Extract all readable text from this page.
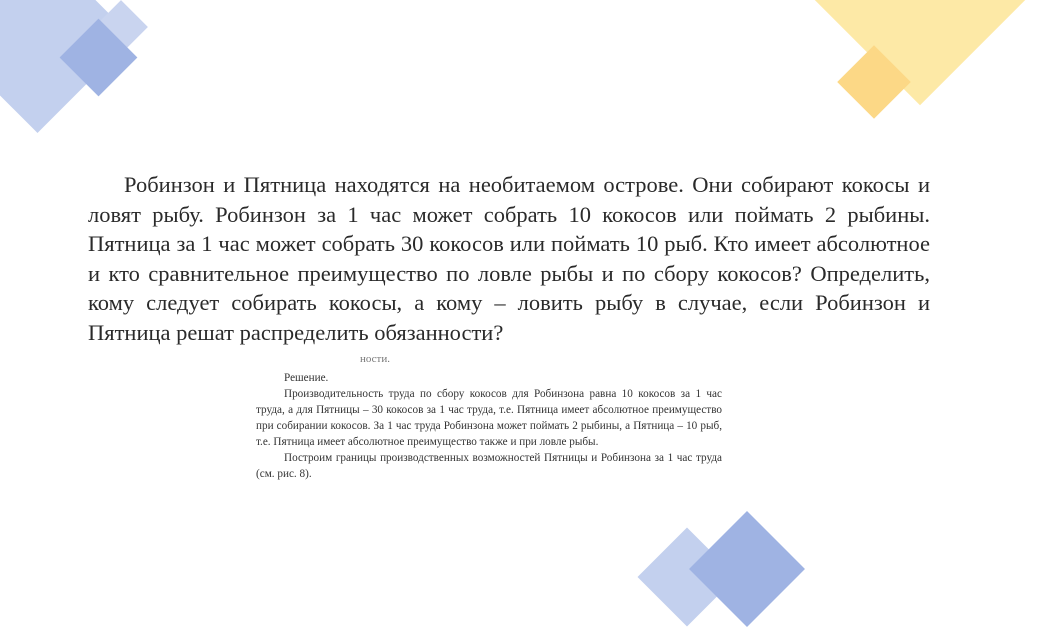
Робинзон и Пятница находятся на необитаемом острове. Они собирают кокосы и ловят рыбу. Робинзон за 1 час может собрать 10 кокосов или поймать 2 рыбины. Пятница за 1 час может собрать 30 кокосов или поймать 10 рыб. Кто имеет абсолютное и кто сравнительное преимущество по ловле рыбы и по сбору кокосов? Определить, кому следует собирать кокосы, а кому – ловить рыбу в случае, если Робинзон и Пятница решат распределить обязанности?

ности.

Решение.

Производительность труда по сбору кокосов для Робинзона равна 10 кокосов за 1 час труда, а для Пятницы – 30 кокосов за 1 час труда, т.е. Пятница имеет абсолютное преимущество при собирании кокосов. За 1 час труда Робинзона может поймать 2 рыбины, а Пятница – 10 рыб, т.е. Пятница имеет абсолютное преимущество также и при ловле рыбы.

Построим границы производственных возможностей Пятницы и Робинзона за 1 час труда (см. рис. 8).
